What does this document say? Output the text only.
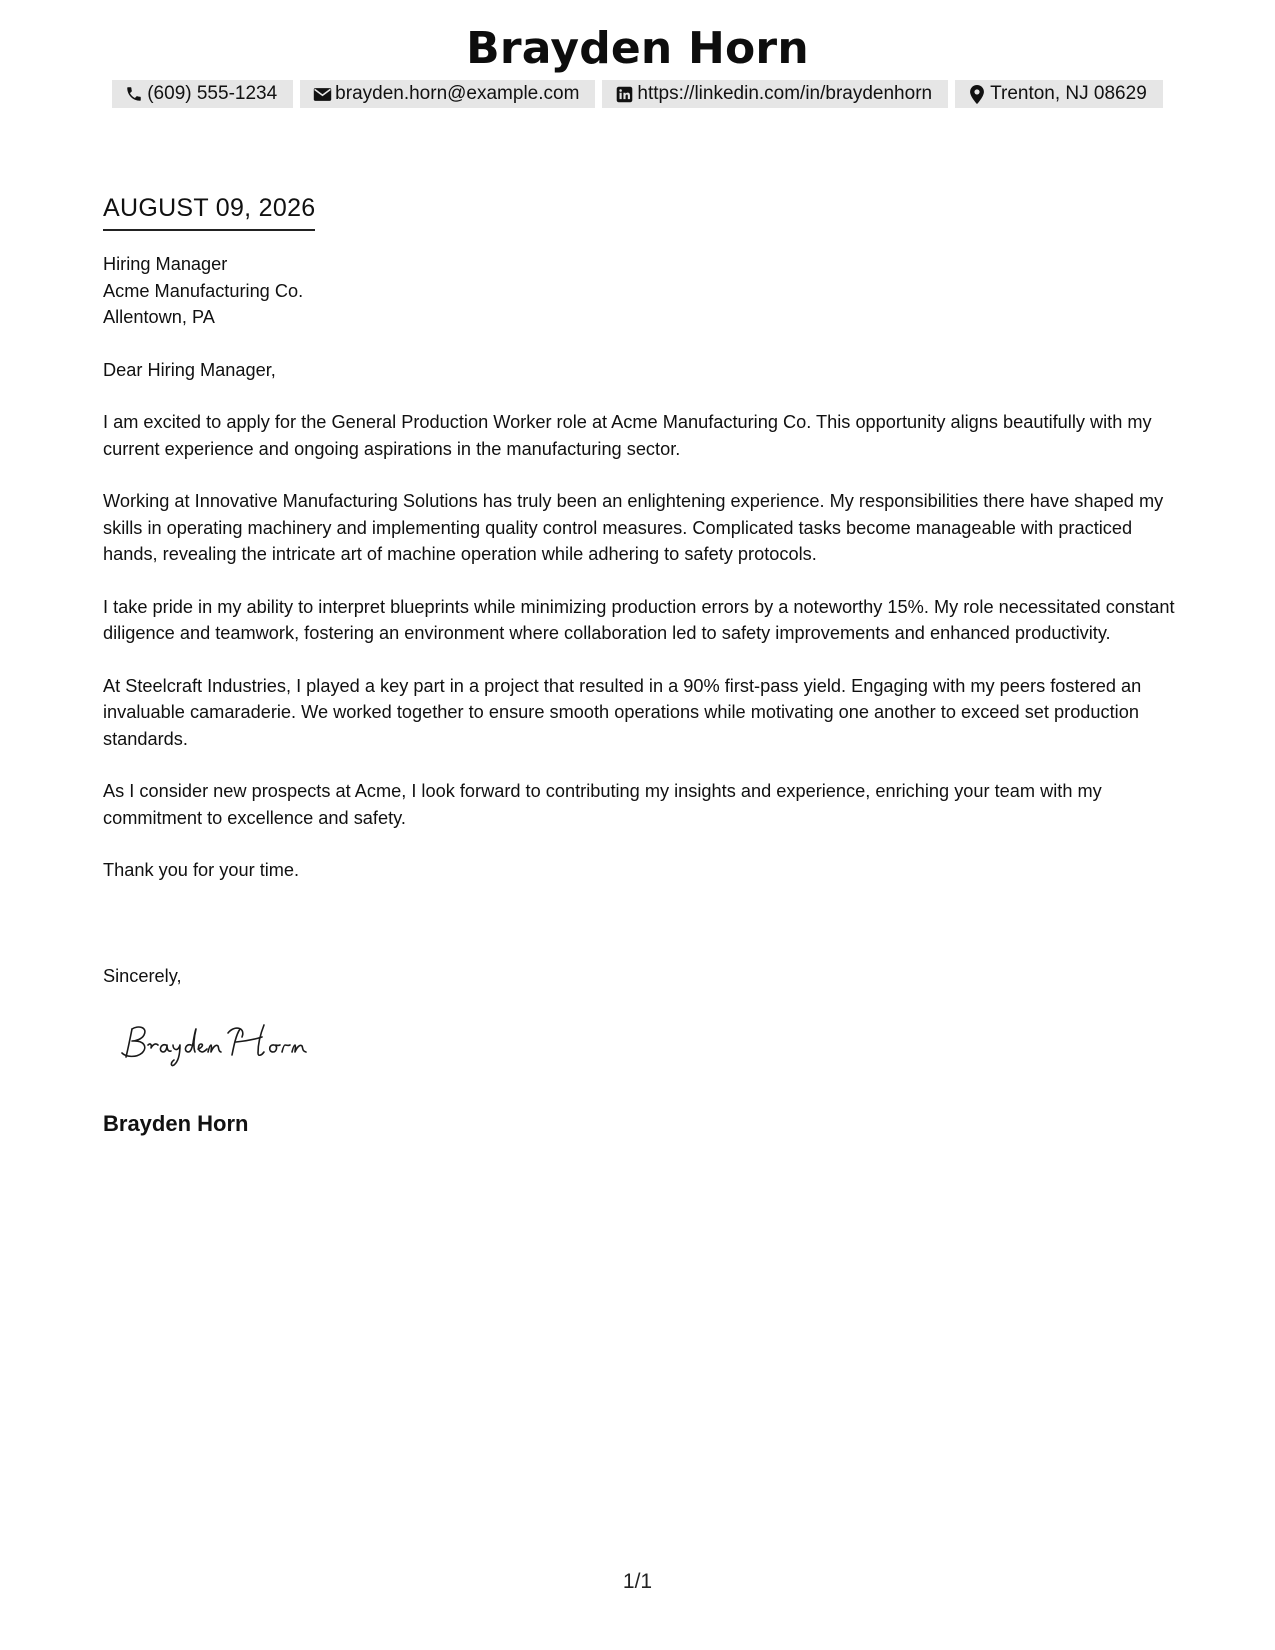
Brayden Horn
(609) 555-1234	brayden.horn@example.com	https://linkedin.com/in/braydenhorn	Trenton, NJ 08629
AUGUST 09, 2026
Hiring Manager
Acme Manufacturing Co.
Allentown, PA

Dear Hiring Manager,

I am excited to apply for the General Production Worker role at Acme Manufacturing Co. This opportunity aligns beautifully with my current experience and ongoing aspirations in the manufacturing sector.

Working at Innovative Manufacturing Solutions has truly been an enlightening experience. My responsibilities there have shaped my skills in operating machinery and implementing quality control measures. Complicated tasks become manageable with practiced hands, revealing the intricate art of machine operation while adhering to safety protocols.

I take pride in my ability to interpret blueprints while minimizing production errors by a noteworthy 15%. My role necessitated constant diligence and teamwork, fostering an environment where collaboration led to safety improvements and enhanced productivity.

At Steelcraft Industries, I played a key part in a project that resulted in a 90% first-pass yield. Engaging with my peers fostered an invaluable camaraderie. We worked together to ensure smooth operations while motivating one another to exceed set production standards.

As I consider new prospects at Acme, I look forward to contributing my insights and experience, enriching your team with my commitment to excellence and safety.

Thank you for your time.

Sincerely,
Brayden Horn
1/1
